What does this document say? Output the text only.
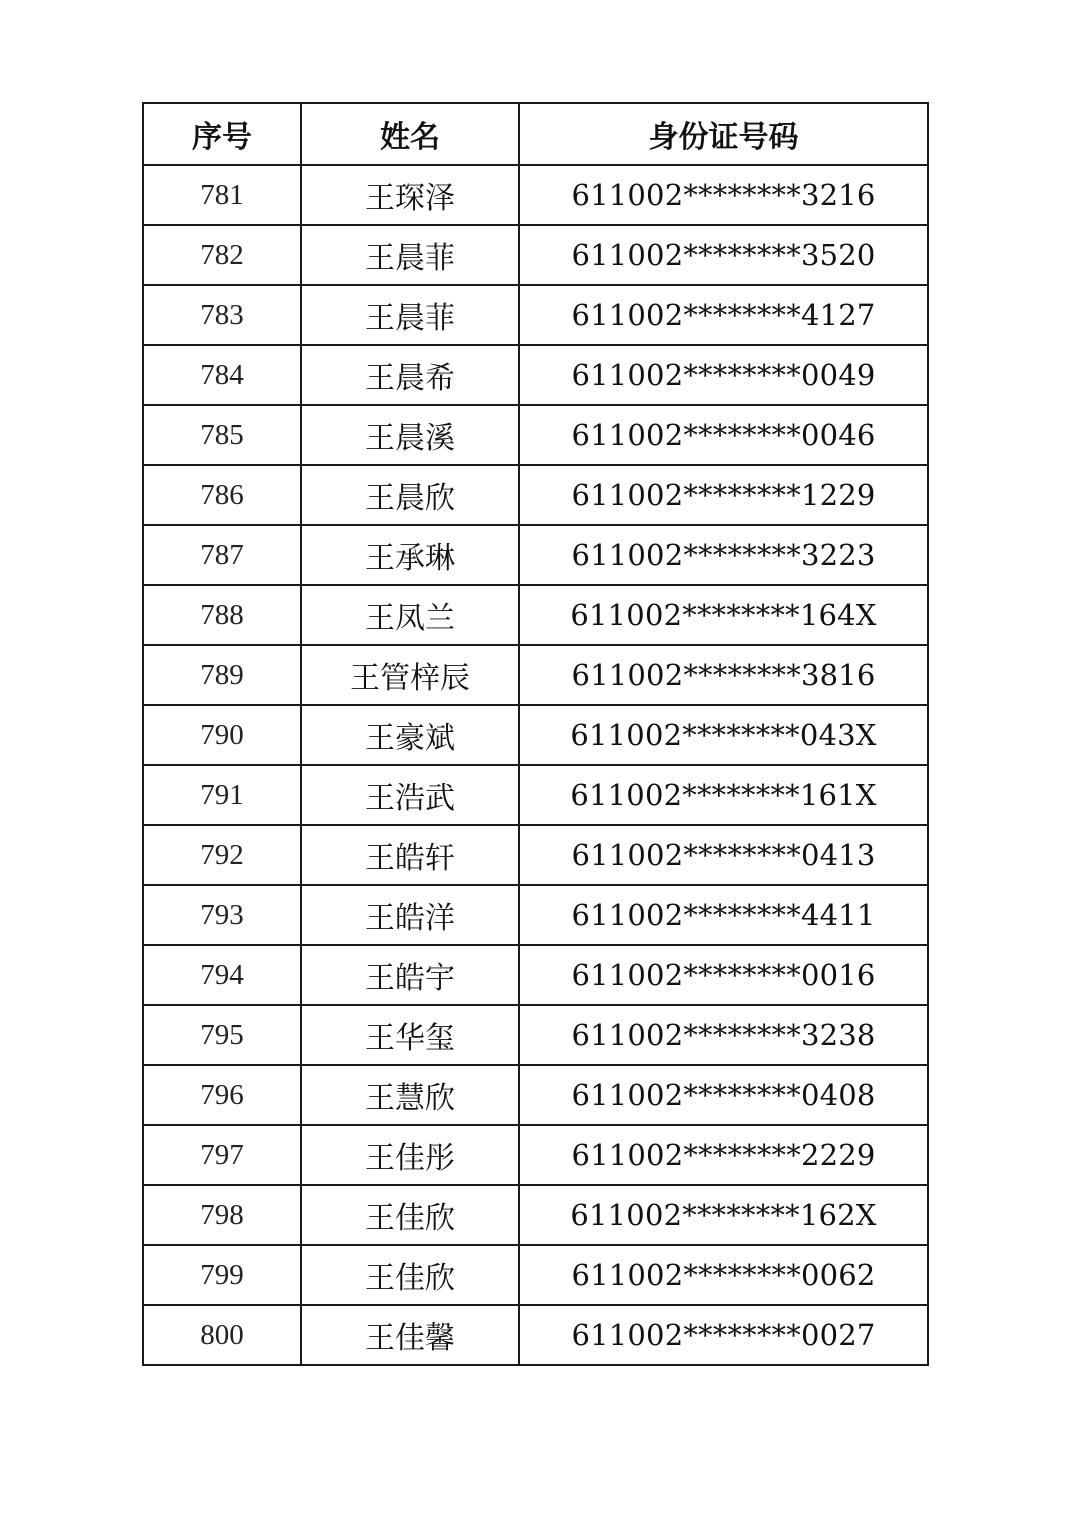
序号	姓名	身份证号码
781	王琛泽	611002********3216
782	王晨菲	611002********3520
783	王晨菲	611002********4127
784	王晨希	611002********0049
785	王晨溪	611002********0046
786	王晨欣	611002********1229
787	王承琳	611002********3223
788	王凤兰	611002********164X
789	王管梓辰	611002********3816
790	王豪斌	611002********043X
791	王浩武	611002********161X
792	王皓轩	611002********0413
793	王皓洋	611002********4411
794	王皓宇	611002********0016
795	王华玺	611002********3238
796	王慧欣	611002********0408
797	王佳彤	611002********2229
798	王佳欣	611002********162X
799	王佳欣	611002********0062
800	王佳馨	611002********0027
